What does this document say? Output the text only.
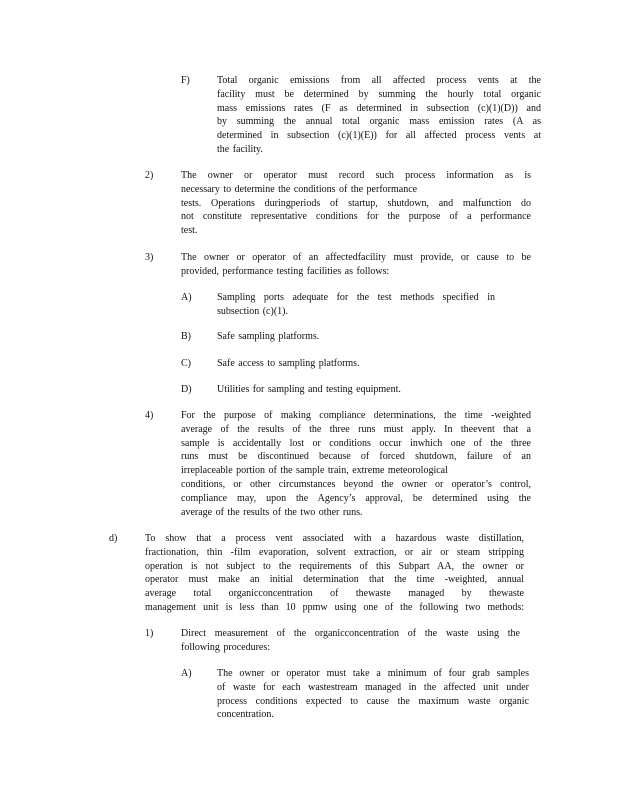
F)	Total organic emissions from all affected process vents at the
facility must be determined by summing the hourly total organic
mass emissions rates (F as determined in subsection (c)(1)(D)) and
by summing the annual total organic mass emission rates (A as
determined in subsection (c)(1)(E)) for all affected process vents at
the facility.
2)	The owner or operator must record such process information as is
necessary to determine the conditions of the performance
tests. Operations duringperiods of startup, shutdown, and malfunction do
not constitute representative conditions for the purpose of a performance
test.
3)	The owner or operator of an affectedfacility must provide, or cause to be
provided, performance testing facilities as follows:
A)	Sampling ports adequate for the test methods specified in
subsection (c)(1).
B)	Safe sampling platforms.
C)	Safe access to sampling platforms.
D)	Utilities for sampling and testing equipment.
4)	For the purpose of making compliance determinations, the time -weighted
average of the results of the three runs must apply. In theevent that a
sample is accidentally lost or conditions occur inwhich one of the three
runs must be discontinued because of forced shutdown, failure of an
irreplaceable portion of the sample train, extreme meteorological
conditions, or other circumstances beyond the owner or operator’s control,
compliance may, upon the Agency’s approval, be determined using the
average of the results of the two other runs.
d)	To show that a process vent associated with a hazardous waste distillation,
fractionation, thin -film evaporation, solvent extraction, or air or steam stripping
operation is not subject to the requirements of this Subpart AA, the owner or
operator must make an initial determination that the time -weighted, annual
average total organicconcentration of thewaste managed by thewaste
management unit is less than 10 ppmw using one of the following two methods:
1)	Direct measurement of the organicconcentration of the waste using the
following procedures:
A)	The owner or operator must take a minimum of four grab samples
of waste for each wastestream managed in the affected unit under
process conditions expected to cause the maximum waste organic
concentration.
